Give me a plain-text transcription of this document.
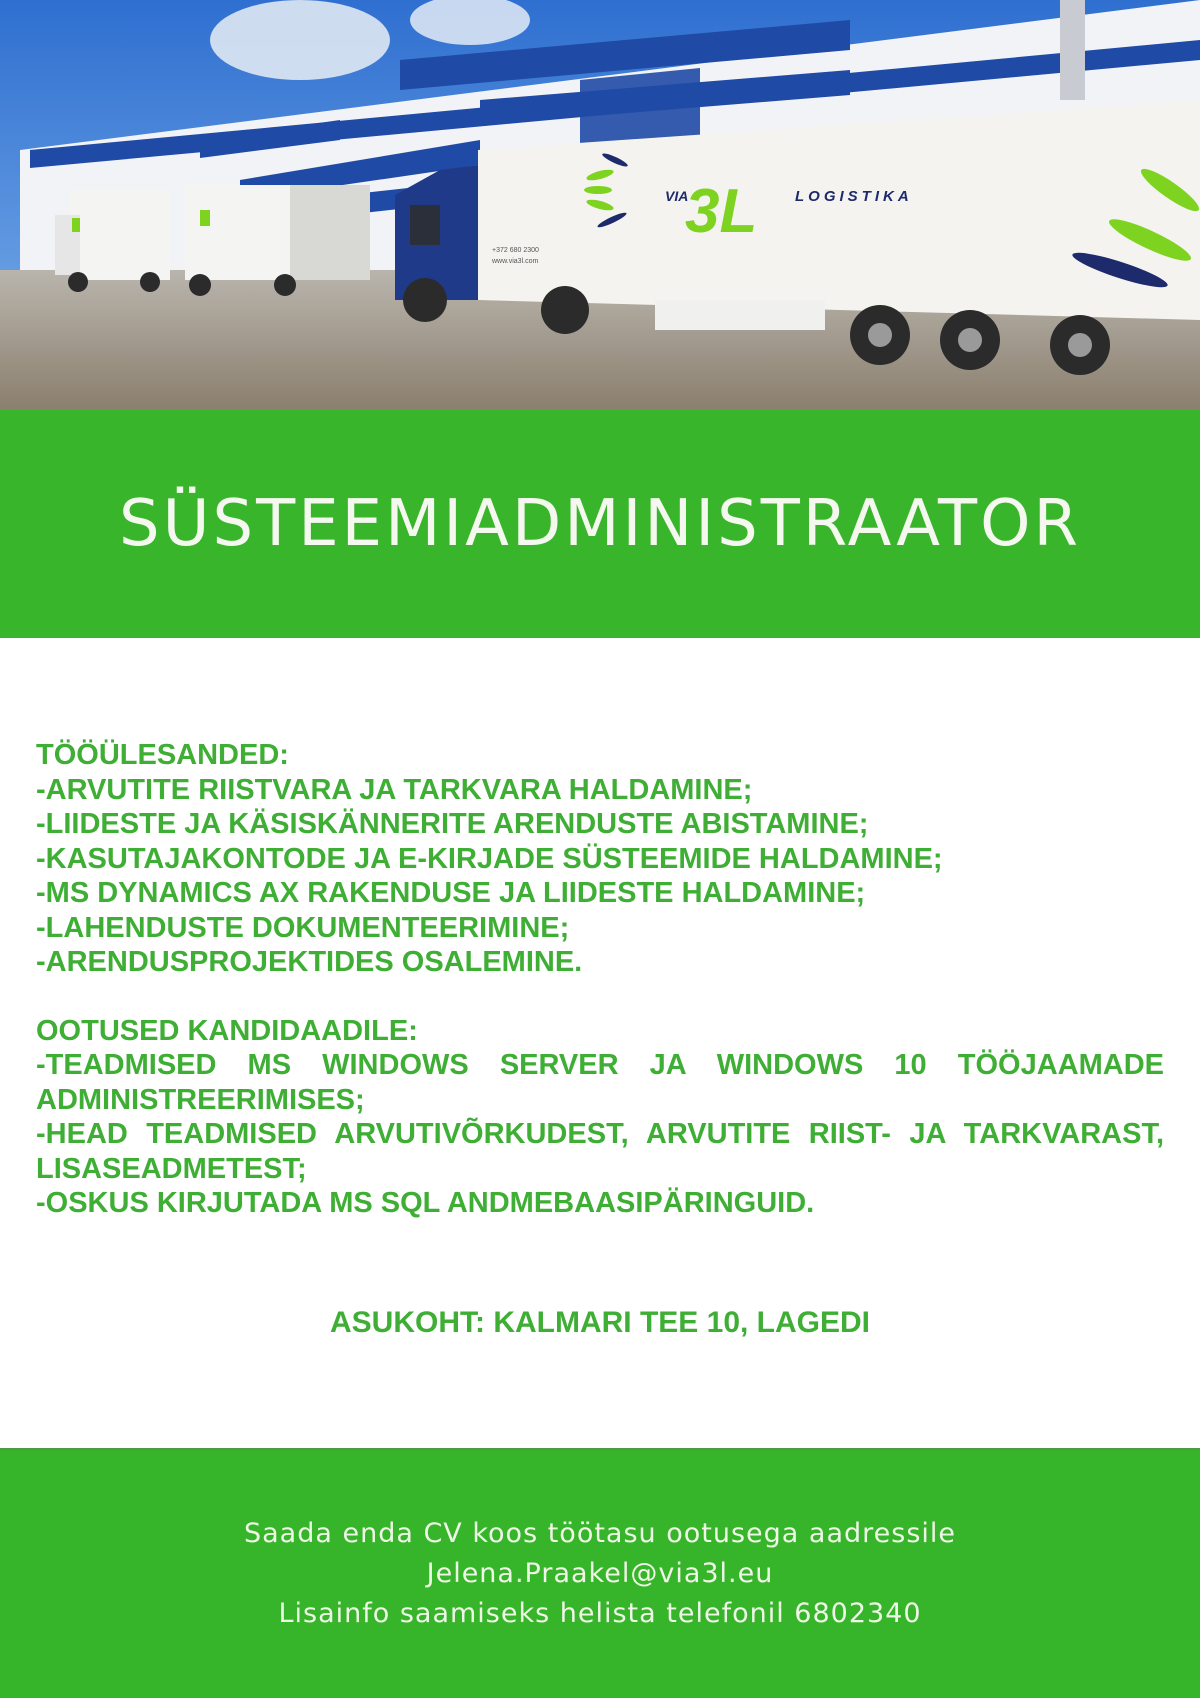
VIA
3L	LOGISTIKA
+372 680 2300
www.via3l.com
SÜSTEEMIADMINISTRAATOR
TÖÖÜLESANDED:
-ARVUTITE RIISTVARA JA TARKVARA HALDAMINE;
-LIIDESTE JA KÄSISKÄNNERITE ARENDUSTE ABISTAMINE;
-KASUTAJAKONTODE JA E-KIRJADE SÜSTEEMIDE HALDAMINE;
-MS DYNAMICS AX RAKENDUSE JA LIIDESTE HALDAMINE;
-LAHENDUSTE DOKUMENTEERIMINE;
-ARENDUSPROJEKTIDES OSALEMINE.
OOTUSED KANDIDAADILE:
-TEADMISED MS WINDOWS SERVER JA WINDOWS 10 TÖÖJAAMADE ADMINISTREERIMISES;
-HEAD TEADMISED ARVUTIVÕRKUDEST, ARVUTITE RIIST- JA TARKVARAST, LISASEADMETEST;
-OSKUS KIRJUTADA MS SQL ANDMEBAASIPÄRINGUID.
ASUKOHT: KALMARI TEE 10, LAGEDI
Saada enda CV koos töötasu ootusega aadressile
Jelena.Praakel@via3l.eu
Lisainfo saamiseks helista telefonil 6802340
